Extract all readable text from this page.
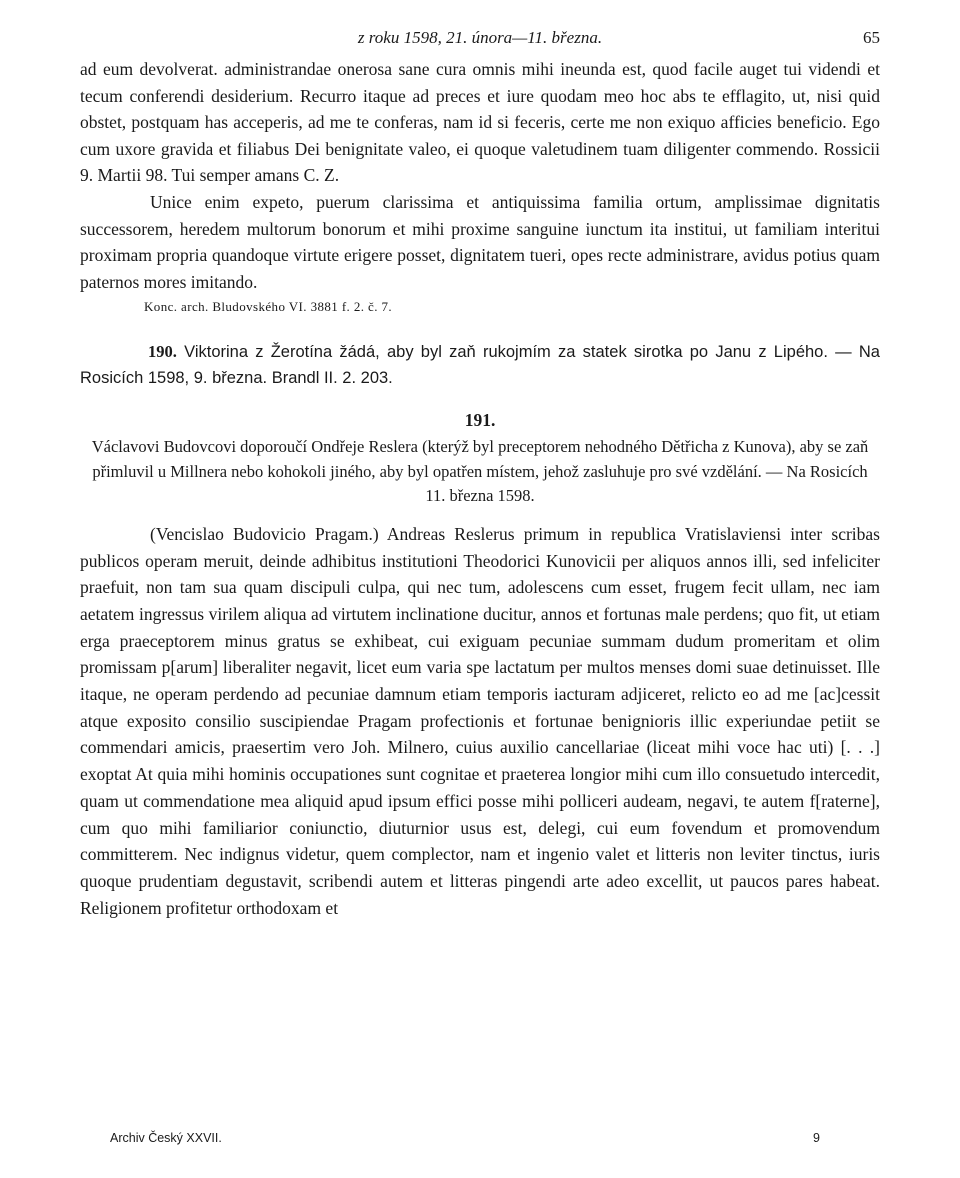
z roku 1598, 21. února—11. března.	65

ad eum devolverat. administrandae onerosa sane cura omnis mihi ineunda est, quod facile auget tui videndi et tecum conferendi desiderium. Recurro itaque ad preces et iure quodam meo hoc abs te efflagito, ut, nisi quid obstet, postquam has acceperis, ad me te conferas, nam id si feceris, certe me non exiquo afficies beneficio. Ego cum uxore gravida et filiabus Dei benignitate valeo, ei quoque valetudinem tuam diligenter commendo. Rossicii 9. Martii 98. Tui semper amans C. Z.

Unice enim expeto, puerum clarissima et antiquissima familia ortum, amplissimae dignitatis successorem, heredem multorum bonorum et mihi proxime sanguine iunctum ita institui, ut familiam interitui proximam propria quandoque virtute erigere posset, dignitatem tueri, opes recte administrare, avidus potius quam paternos mores imitando.

Konc. arch. Bludovského VI. 3881 f. 2. č. 7.

190. Viktorina z Žerotína žádá, aby byl zaň rukojmím za statek sirotka po Janu z Lipého. — Na Rosicích 1598, 9. března. Brandl II. 2. 203.

191.
Václavovi Budovcovi doporoučí Ondřeje Reslera (kterýž byl preceptorem nehodného Dětřicha z Kunova), aby se zaň přimluvil u Millnera nebo kohokoli jiného, aby byl opatřen místem, jehož zasluhuje pro své vzdělání. — Na Rosicích 11. března 1598.

(Vencislao Budovicio Pragam.) Andreas Reslerus primum in republica Vratislaviensi inter scribas publicos operam meruit, deinde adhibitus institutioni Theodorici Kunovicii per aliquos annos illi, sed infeliciter praefuit, non tam sua quam discipuli culpa, qui nec tum, adolescens cum esset, frugem fecit ullam, nec iam aetatem ingressus virilem aliqua ad virtutem inclinatione ducitur, annos et fortunas male perdens; quo fit, ut etiam erga praeceptorem minus gratus se exhibeat, cui exiguam pecuniae summam dudum promeritam et olim promissam p[arum] liberaliter negavit, licet eum varia spe lactatum per multos menses domi suae detinuisset. Ille itaque, ne operam perdendo ad pecuniae damnum etiam temporis iacturam adjiceret, relicto eo ad me [ac]cessit atque exposito consilio suscipiendae Pragam profectionis et fortunae benignioris illic experiundae petiit se commendari amicis, praesertim vero Joh. Milnero, cuius auxilio cancellariae (liceat mihi voce hac uti) [. . .] exoptat At quia mihi hominis occupationes sunt cognitae et praeterea longior mihi cum illo consuetudo intercedit, quam ut commendatione mea aliquid apud ipsum effici posse mihi polliceri audeam, negavi, te autem f[raterne], cum quo mihi familiarior coniunctio, diuturnior usus est, delegi, cui eum fovendum et promovendum committerem. Nec indignus videtur, quem complector, nam et ingenio valet et litteris non leviter tinctus, iuris quoque prudentiam degustavit, scribendi autem et litteras pingendi arte adeo excellit, ut paucos pares habeat. Religionem profitetur orthodoxam et

Archiv Český XXVII.	9
